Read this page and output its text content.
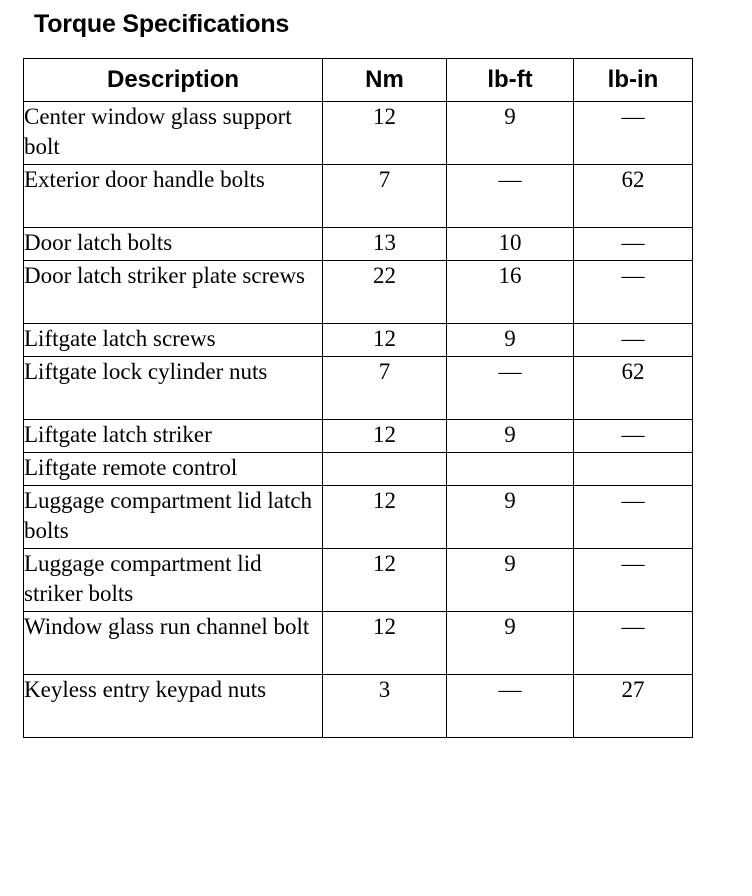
Torque Specifications
Description	Nm	lb-ft	lb-in
Center window glass support bolt	12	9	—
Exterior door handle bolts	7	—	62
Door latch bolts	13	10	—
Door latch striker plate screws	22	16	—
Liftgate latch screws	12	9	—
Liftgate lock cylinder nuts	7	—	62
Liftgate latch striker	12	9	—
Liftgate remote control			
Luggage compartment lid latch bolts	12	9	—
Luggage compartment lid striker bolts	12	9	—
Window glass run channel bolt	12	9	—
Keyless entry keypad nuts	3	—	27
